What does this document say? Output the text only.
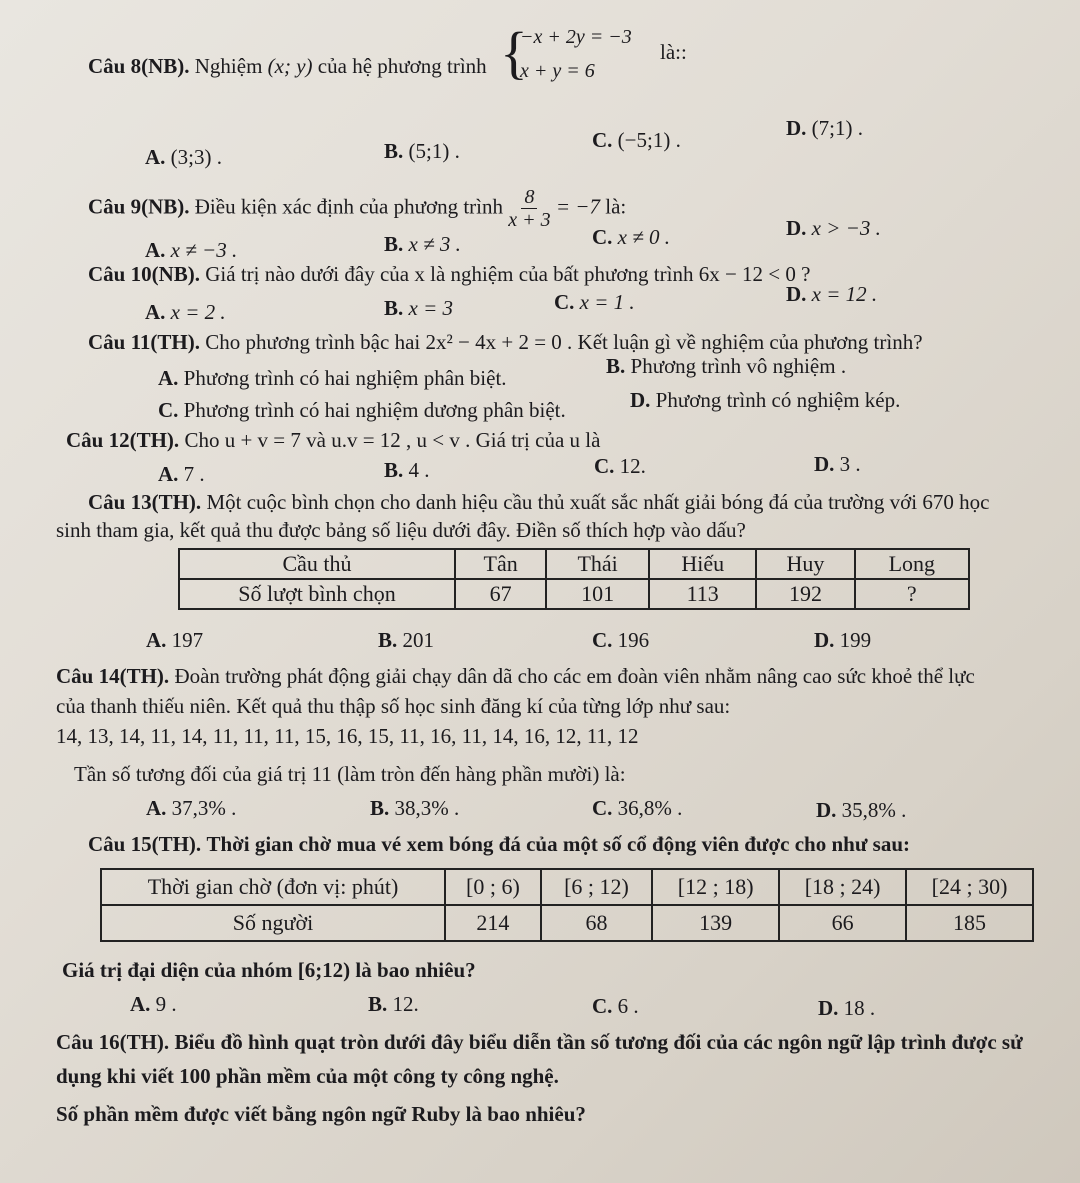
Câu 8(NB). Nghiệm (x; y) của hệ phương trình {
−x + 2y = −3
x + y = 6
là::
A. (3;3) .	B. (5;1) .	C. (−5;1) .	D. (7;1) .
Câu 9(NB). Điều kiện xác định của phương trình $\frac{8}{x + 3} = -7$ là:
A. x ≠ −3 .	B. x ≠ 3 .	C. x ≠ 0 .	D. x > −3 .
Câu 10(NB). Giá trị nào dưới đây của x là nghiệm của bất phương trình 6x − 12 < 0 ?
A. x = 2 .	B. x = 3	C. x = 1 .	D. x = 12 .
Câu 11(TH). Cho phương trình bậc hai 2x² − 4x + 2 = 0 . Kết luận gì về nghiệm của phương trình?
A. Phương trình có hai nghiệm phân biệt.	B. Phương trình vô nghiệm .
C. Phương trình có hai nghiệm dương phân biệt.	D. Phương trình có nghiệm kép.
Câu 12(TH). Cho u + v = 7 và u.v = 12 , u < v . Giá trị của u là
A. 7 .	B. 4 .	C. 12.	D. 3 .
Câu 13(TH). Một cuộc bình chọn cho danh hiệu cầu thủ xuất sắc nhất giải bóng đá của trường với 670 học
sinh tham gia, kết quả thu được bảng số liệu dưới đây. Điền số thích hợp vào dấu?
Cầu thủ	Tân	Thái	Hiếu	Huy	Long
Số lượt bình chọn	67	101	113	192	?
A. 197	B. 201	C. 196	D. 199
Câu 14(TH). Đoàn trường phát động giải chạy dân dã cho các em đoàn viên nhằm nâng cao sức khoẻ thể lực
của thanh thiếu niên. Kết quả thu thập số học sinh đăng kí của từng lớp như sau:
14, 13, 14, 11, 14, 11, 11, 11, 15, 16, 15, 11, 16, 11, 14, 16, 12, 11, 12
Tần số tương đối của giá trị 11 (làm tròn đến hàng phần mười) là:
A. 37,3% .	B. 38,3% .	C. 36,8% .	D. 35,8% .
Câu 15(TH). Thời gian chờ mua vé xem bóng đá của một số cổ động viên được cho như sau:
Thời gian chờ (đơn vị: phút)	[0 ; 6)	[6 ; 12)	[12 ; 18)	[18 ; 24)	[24 ; 30)
Số người	214	68	139	66	185
Giá trị đại diện của nhóm [6;12) là bao nhiêu?
A. 9 .	B. 12.	C. 6 .	D. 18 .
Câu 16(TH). Biểu đồ hình quạt tròn dưới đây biểu diễn tần số tương đối của các ngôn ngữ lập trình được sử
dụng khi viết 100 phần mềm của một công ty công nghệ.
Số phần mềm được viết bằng ngôn ngữ Ruby là bao nhiêu?
